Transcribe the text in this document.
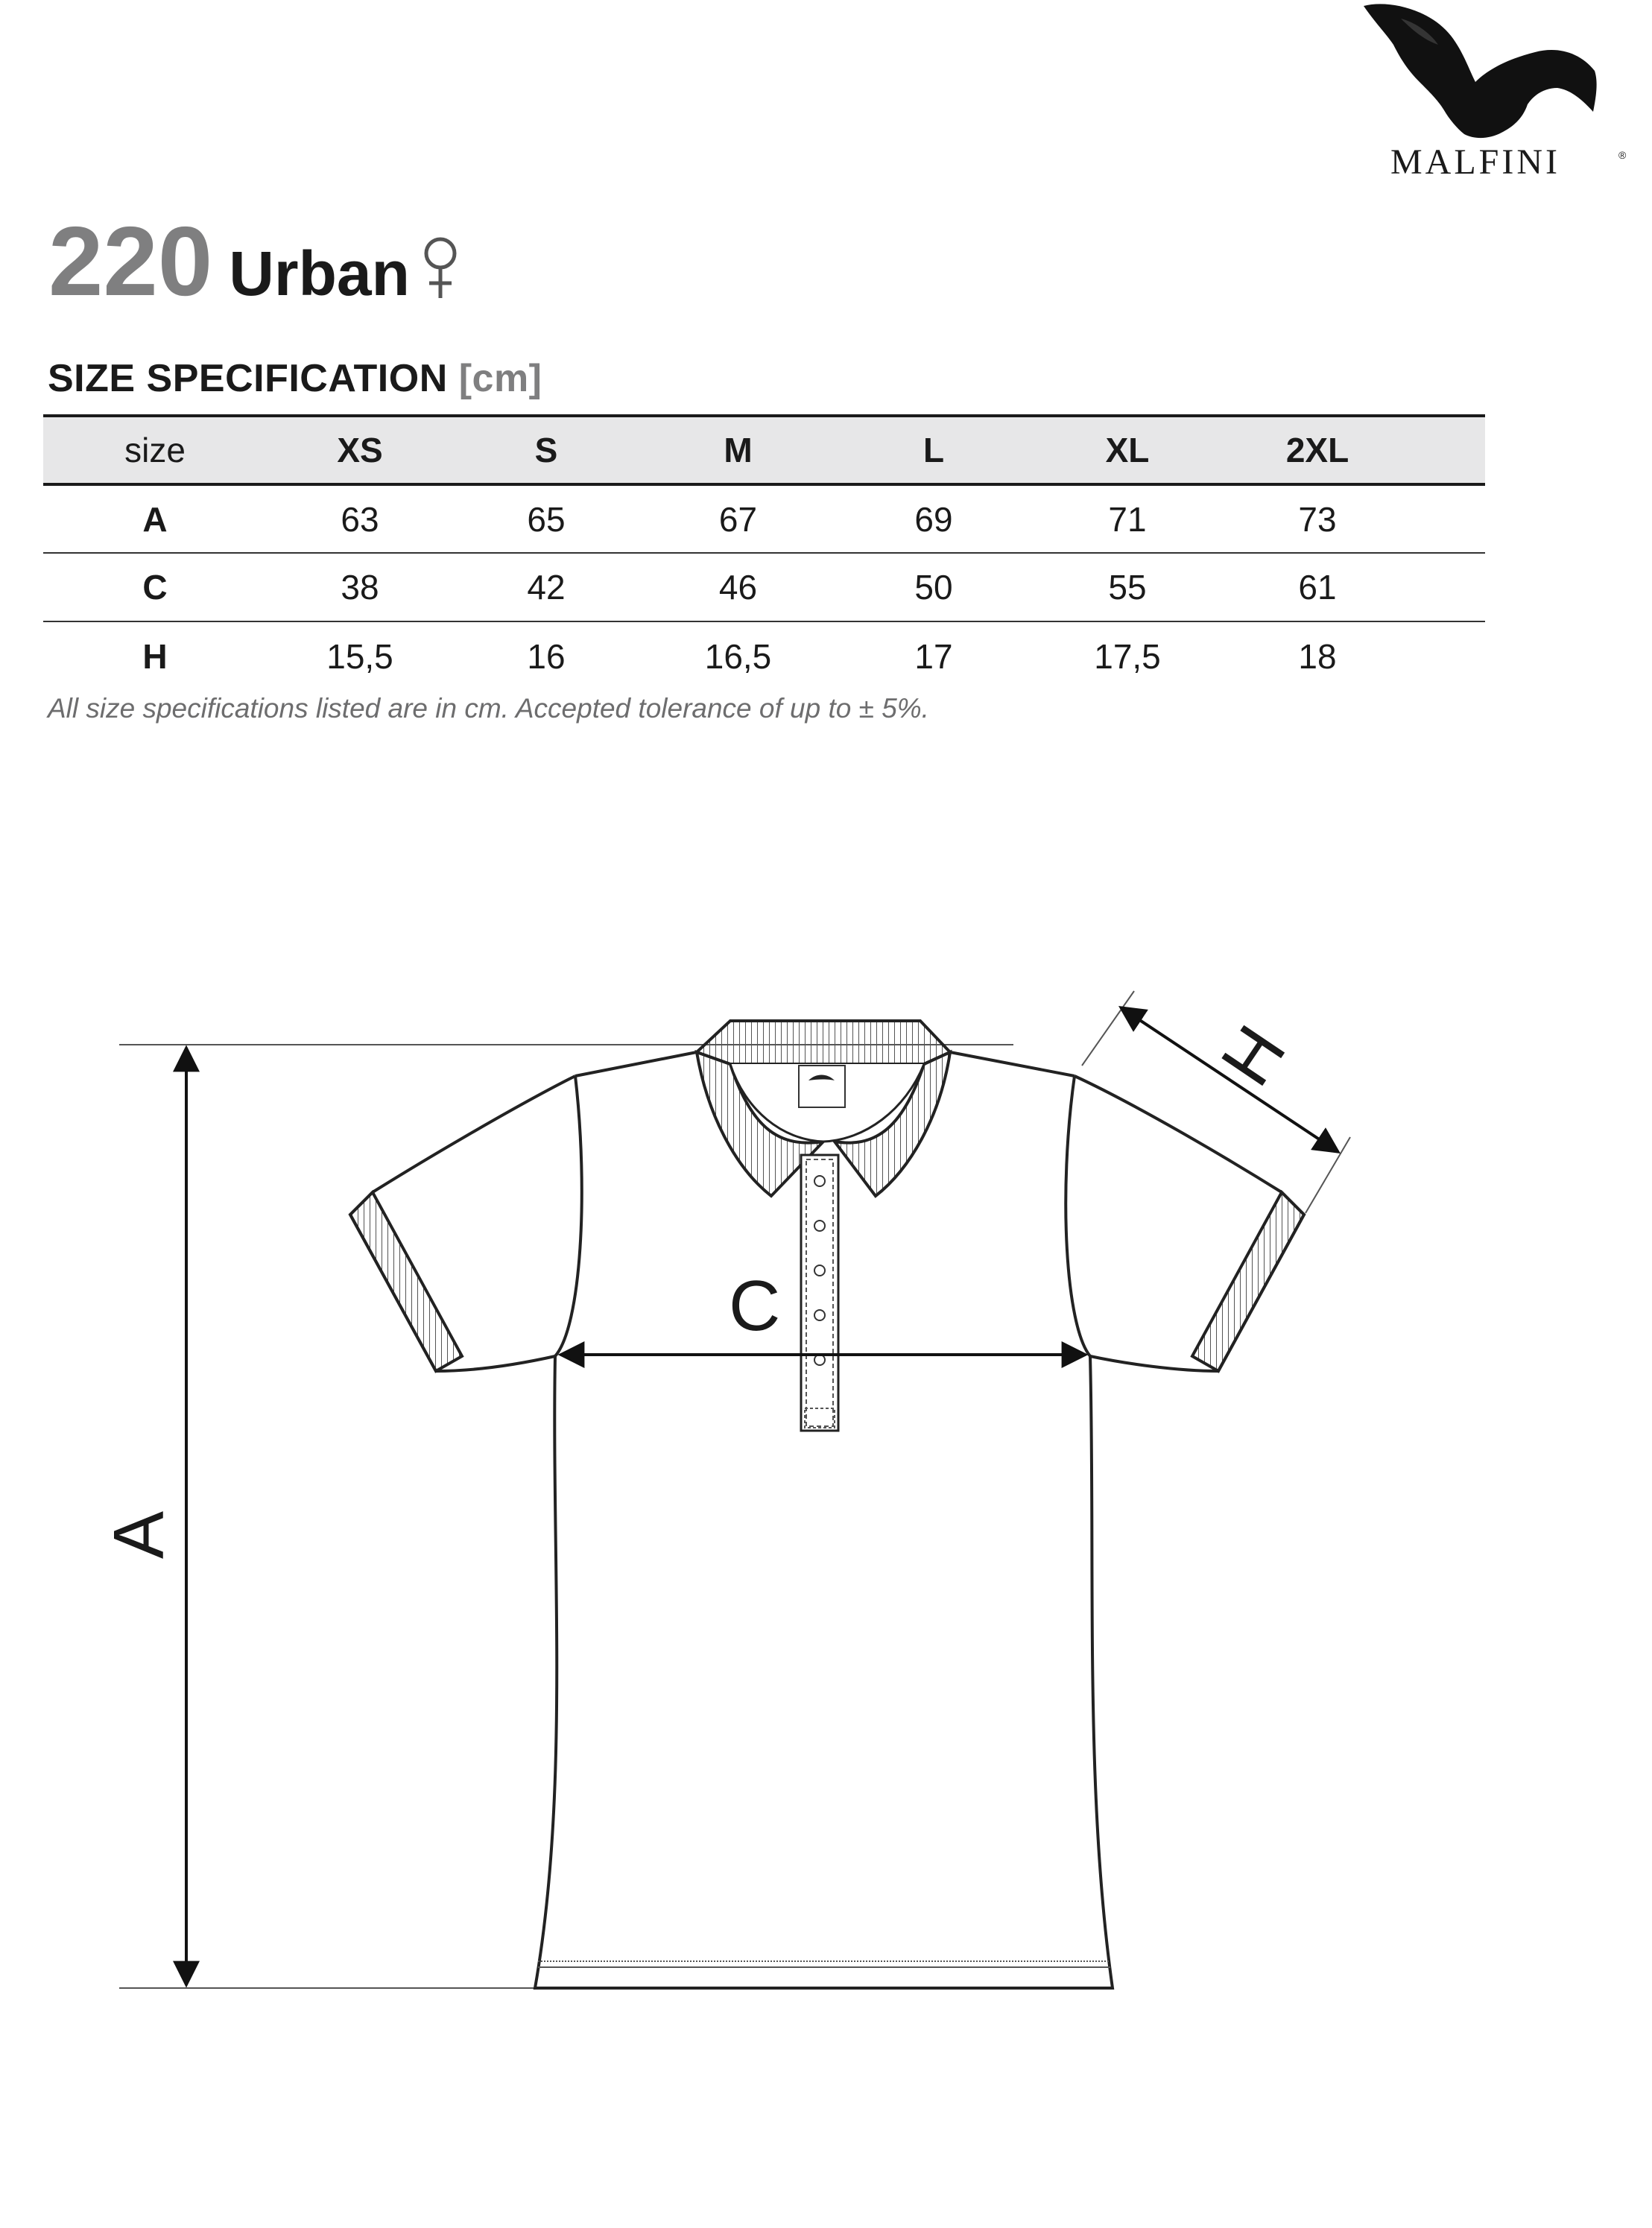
MALFINI	®
220 Urban
SIZE SPECIFICATION [cm]
size	XS	S	M	L	XL	2XL	
A	63	65	67	69	71	73	
C	38	42	46	50	55	61	
H	15,5	16	16,5	17	17,5	18	
All size specifications listed are in cm. Accepted tolerance of up to ± 5%.
A
C
H
